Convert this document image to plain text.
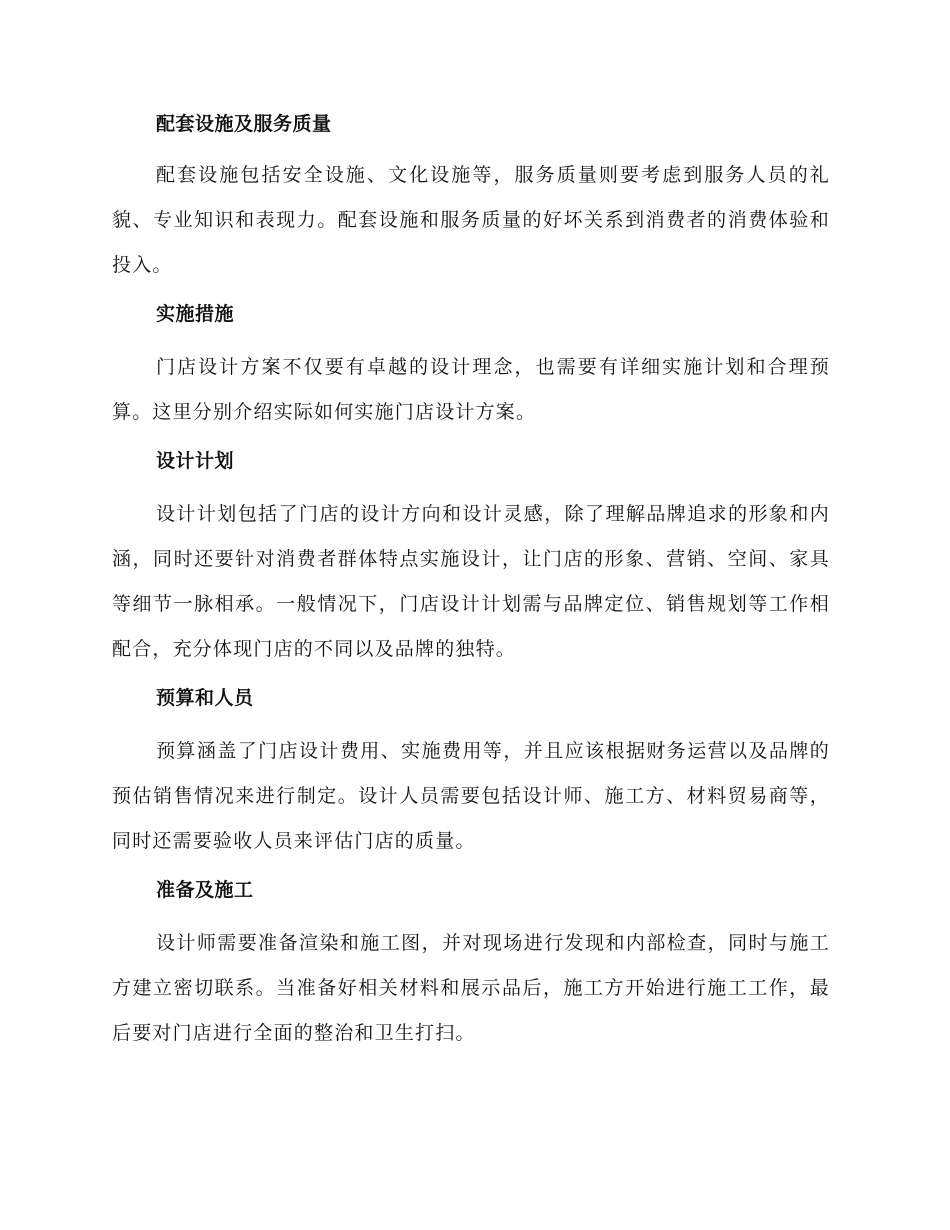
配套设施及服务质量

配套设施包括安全设施、文化设施等，服务质量则要考虑到服务人员的礼貌、专业知识和表现力。配套设施和服务质量的好坏关系到消费者的消费体验和投入。

实施措施

门店设计方案不仅要有卓越的设计理念，也需要有详细实施计划和合理预算。这里分别介绍实际如何实施门店设计方案。

设计计划

设计计划包括了门店的设计方向和设计灵感，除了理解品牌追求的形象和内涵，同时还要针对消费者群体特点实施设计，让门店的形象、营销、空间、家具等细节一脉相承。一般情况下，门店设计计划需与品牌定位、销售规划等工作相配合，充分体现门店的不同以及品牌的独特。

预算和人员

预算涵盖了门店设计费用、实施费用等，并且应该根据财务运营以及品牌的预估销售情况来进行制定。设计人员需要包括设计师、施工方、材料贸易商等，同时还需要验收人员来评估门店的质量。

准备及施工

设计师需要准备渲染和施工图，并对现场进行发现和内部检查，同时与施工方建立密切联系。当准备好相关材料和展示品后，施工方开始进行施工工作，最后要对门店进行全面的整治和卫生打扫。
